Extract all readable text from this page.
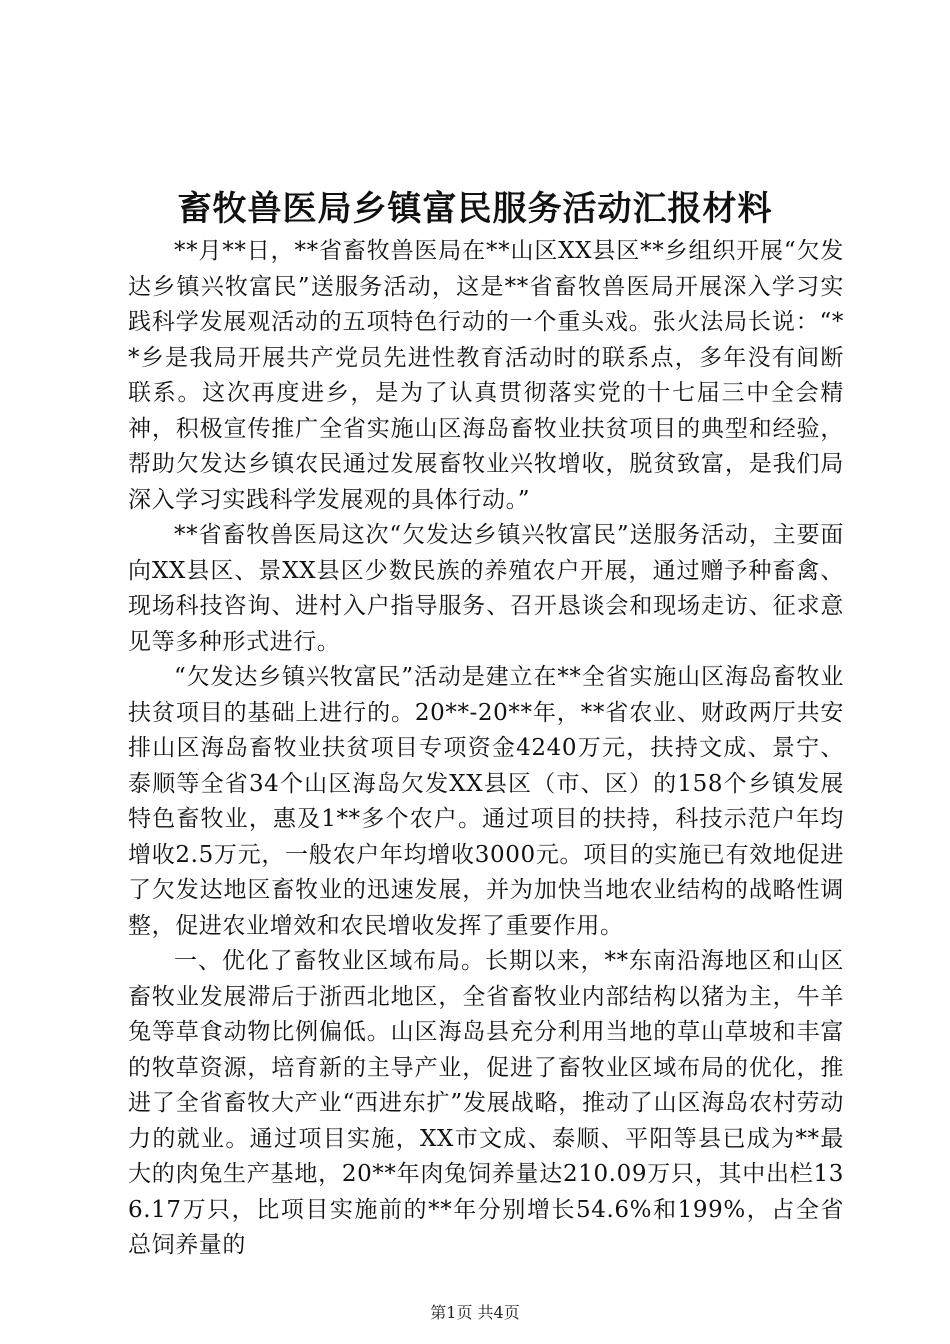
畜牧兽医局乡镇富民服务活动汇报材料

**月**日，**省畜牧兽医局在**山区XX县区**乡组织开展“欠发达乡镇兴牧富民”送服务活动，这是**省畜牧兽医局开展深入学习实践科学发展观活动的五项特色行动的一个重头戏。张火法局长说：“**乡是我局开展共产党员先进性教育活动时的联系点，多年没有间断联系。这次再度进乡，是为了认真贯彻落实党的十七届三中全会精神，积极宣传推广全省实施山区海岛畜牧业扶贫项目的典型和经验，帮助欠发达乡镇农民通过发展畜牧业兴牧增收，脱贫致富，是我们局深入学习实践科学发展观的具体行动。”

**省畜牧兽医局这次“欠发达乡镇兴牧富民”送服务活动，主要面向XX县区、景XX县区少数民族的养殖农户开展，通过赠予种畜禽、现场科技咨询、进村入户指导服务、召开恳谈会和现场走访、征求意见等多种形式进行。

“欠发达乡镇兴牧富民”活动是建立在**全省实施山区海岛畜牧业扶贫项目的基础上进行的。20**-20**年，**省农业、财政两厅共安排山区海岛畜牧业扶贫项目专项资金4240万元，扶持文成、景宁、泰顺等全省34个山区海岛欠发XX县区（市、区）的158个乡镇发展特色畜牧业，惠及1**多个农户。通过项目的扶持，科技示范户年均增收2.5万元，一般农户年均增收3000元。项目的实施已有效地促进了欠发达地区畜牧业的迅速发展，并为加快当地农业结构的战略性调整，促进农业增效和农民增收发挥了重要作用。

一、优化了畜牧业区域布局。长期以来，**东南沿海地区和山区畜牧业发展滞后于浙西北地区，全省畜牧业内部结构以猪为主，牛羊兔等草食动物比例偏低。山区海岛县充分利用当地的草山草坡和丰富的牧草资源，培育新的主导产业，促进了畜牧业区域布局的优化，推进了全省畜牧大产业“西进东扩”发展战略，推动了山区海岛农村劳动力的就业。通过项目实施，XX市文成、泰顺、平阳等县已成为**最大的肉兔生产基地，20**年肉兔饲养量达210.09万只，其中出栏136.17万只，比项目实施前的**年分别增长54.6%和199%，占全省总饲养量的

第1页 共4页
